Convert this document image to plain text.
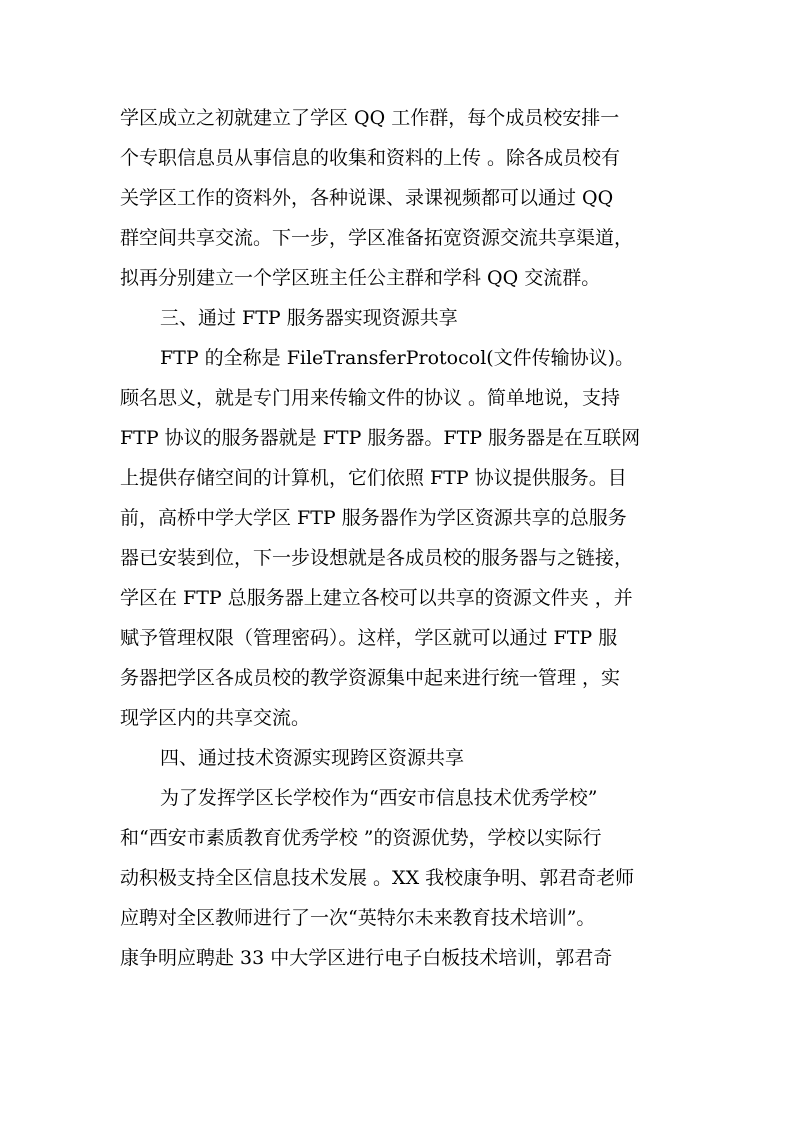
学区成立之初就建立了学区 QQ 工作群，每个成员校安排一
个专职信息员从事信息的收集和资料的上传 。除各成员校有
关学区工作的资料外，各种说课、录课视频都可以通过 QQ
群空间共享交流。下一步，学区准备拓宽资源交流共享渠道，
拟再分别建立一个学区班主任公主群和学科 QQ 交流群。
三、通过 FTP 服务器实现资源共享
FTP 的全称是 FileTransferProtocol(文件传输协议)。
顾名思义，就是专门用来传输文件的协议 。简单地说，支持
FTP 协议的服务器就是 FTP 服务器。FTP 服务器是在互联网
上提供存储空间的计算机，它们依照 FTP 协议提供服务。目
前，高桥中学大学区 FTP 服务器作为学区资源共享的总服务
器已安装到位，下一步设想就是各成员校的服务器与之链接，
学区在 FTP 总服务器上建立各校可以共享的资源文件夹 ，并
赋予管理权限（管理密码）。这样，学区就可以通过 FTP 服
务器把学区各成员校的教学资源集中起来进行统一管理 ，实
现学区内的共享交流。
四、通过技术资源实现跨区资源共享
为了发挥学区长学校作为“西安市信息技术优秀学校”
和“西安市素质教育优秀学校 ”的资源优势，学校以实际行
动积极支持全区信息技术发展 。XX 我校康争明、郭君奇老师
应聘对全区教师进行了一次“英特尔未来教育技术培训”。
康争明应聘赴 33 中大学区进行电子白板技术培训，郭君奇
